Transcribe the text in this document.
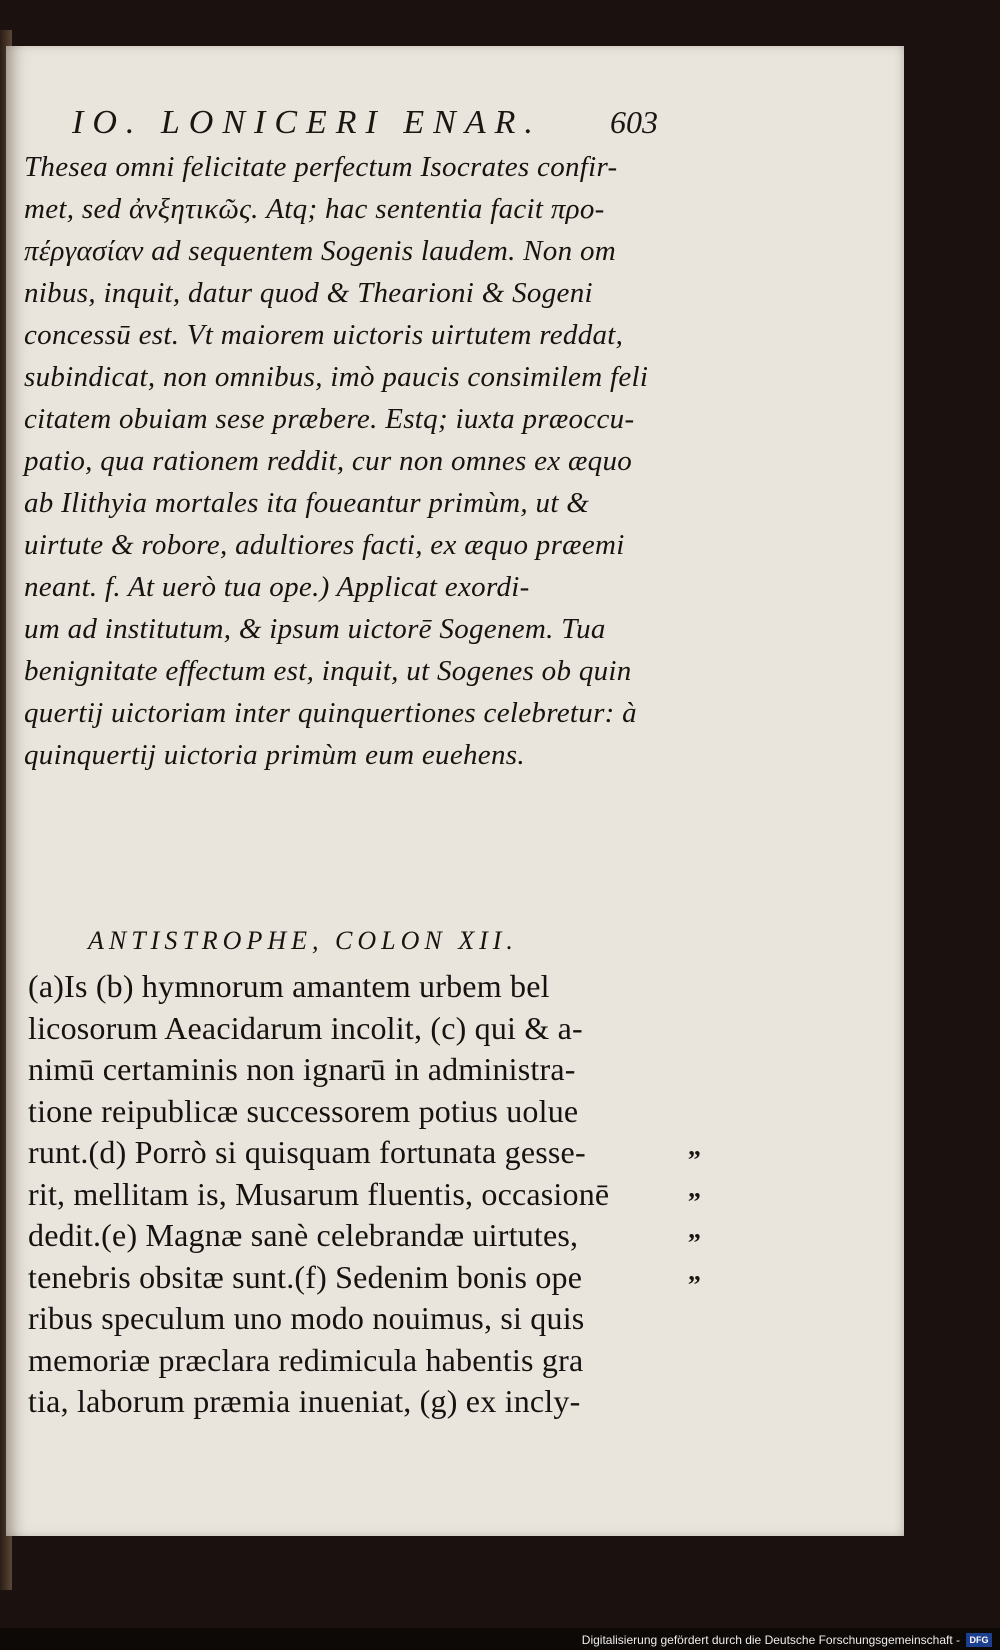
IO. LONICERI ENAR. 603
Thesea omni felicitate perfectum Isocrates confir-
met, sed ἀνξητικῶς. Atq; hac sententia facit προ-
πέργασίαν ad sequentem Sogenis laudem. Non om
nibus, inquit, datur quod & Thearioni & Sogeni
concessū est. Vt maiorem uictoris uirtutem reddat,
subindicat, non omnibus, imò paucis consimilem feli
citatem obuiam sese præbere. Estq; iuxta præoccu-
patio, qua rationem reddit, cur non omnes ex æquo
ab Ilithyia mortales ita foueantur primùm, ut &
uirtute & robore, adultiores facti, ex æquo præemi
neant. f. At uerò tua ope.) Applicat exordi-
um ad institutum, & ipsum uictorē Sogenem. Tua
benignitate effectum est, inquit, ut Sogenes ob quin
quertij uictoriam inter quinquertiones celebretur: à
quinquertij uictoria primùm eum euehens.
ANTISTROPHE, COLON XII.
(a)Is (b) hymnorum amantem urbem bel
licosorum Aeacidarum incolit, (c) qui & a-
nimū certaminis non ignarū in administra-
tione reipublicæ successorem potius uolue
runt.(d) Porrò si quisquam fortunata gesse-
rit, mellitam is, Musarum fluentis, occasionē
dedit.(e) Magnæ sanè celebrandæ uirtutes,
tenebris obsitæ sunt.(f) Sedenim bonis ope
ribus speculum uno modo nouimus, si quis
memoriæ præclara redimicula habentis gra
tia, laborum præmia inueniat, (g) ex incly-
„
„
„
„
Digitalisierung gefördert durch die Deutsche Forschungsgemeinschaft -	DFG
